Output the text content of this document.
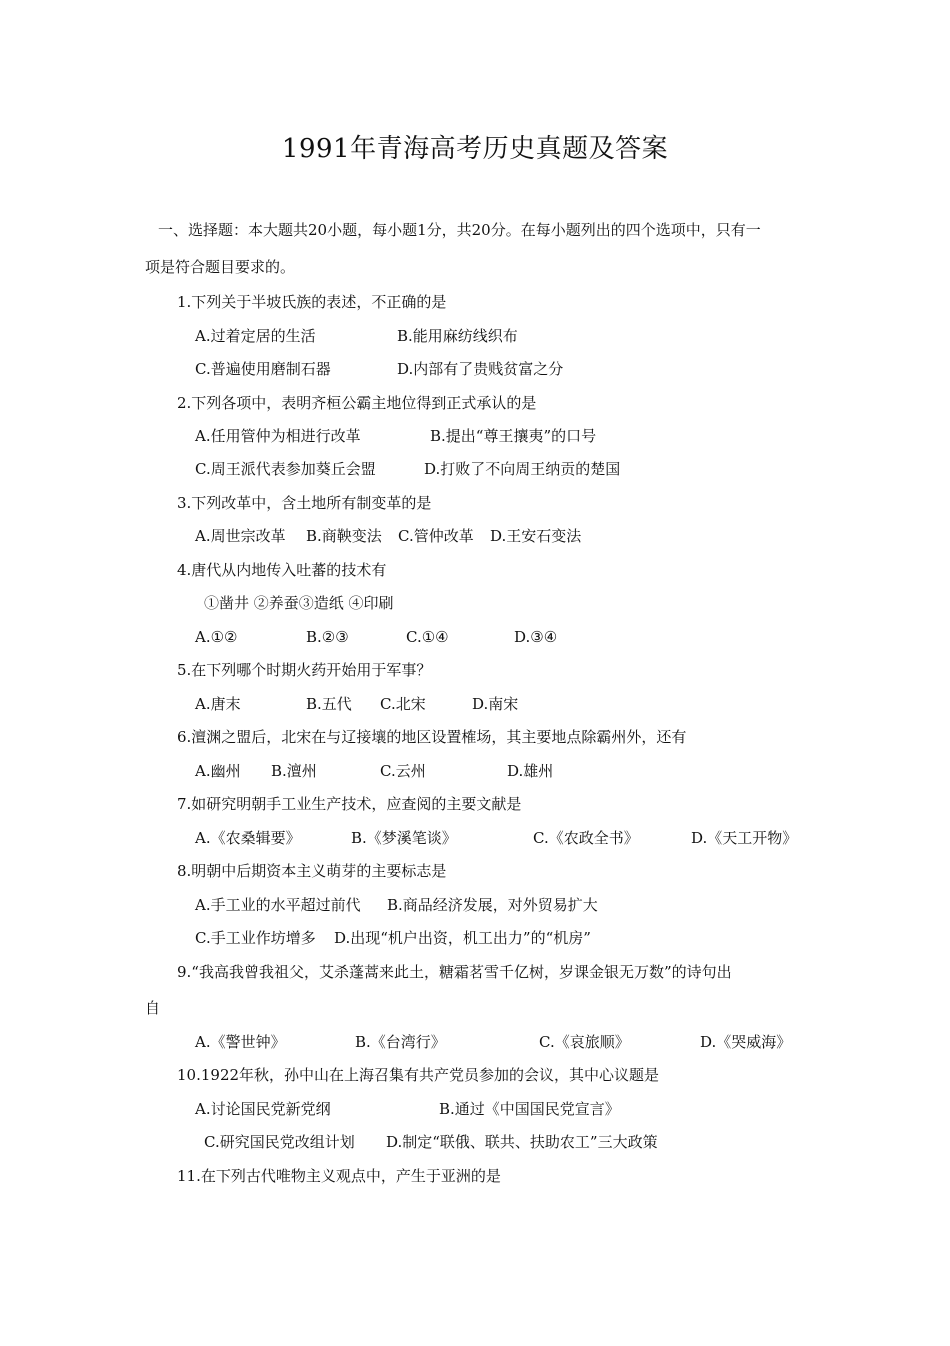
1991年青海高考历史真题及答案
一、选择题：本大题共20小题，每小题1分，共20分。在每小题列出的四个选项中，只有一
项是符合题目要求的。
1.下列关于半坡氏族的表述，不正确的是
A.过着定居的生活	B.能用麻纺线织布
C.普遍使用磨制石器	D.内部有了贵贱贫富之分
2.下列各项中，表明齐桓公霸主地位得到正式承认的是
A.任用管仲为相进行改革	B.提出“尊王攘夷”的口号
C.周王派代表参加葵丘会盟	D.打败了不向周王纳贡的楚国
3.下列改革中，含土地所有制变革的是
A.周世宗改革 B.商鞅变法 C.管仲改革 D.王安石变法
4.唐代从内地传入吐蕃的技术有
①凿井 ②养蚕③造纸 ④印刷
A.①②	B.②③	C.①④	D.③④
5.在下列哪个时期火药开始用于军事？
A.唐末	B.五代 C.北宋	D.南宋
6.澶渊之盟后，北宋在与辽接壤的地区设置榷场，其主要地点除霸州外，还有
A.幽州 B.澶州	C.云州	D.雄州
7.如研究明朝手工业生产技术，应查阅的主要文献是
A.《农桑辑要》	B.《梦溪笔谈》	C.《农政全书》	D.《天工开物》
8.明朝中后期资本主义萌芽的主要标志是
A.手工业的水平超过前代 B.商品经济发展，对外贸易扩大
C.手工业作坊增多 D.出现“机户出资，机工出力”的“机房”
9.“我高我曾我祖父，艾杀蓬蒿来此土，糖霜茗雪千亿树，岁课金银无万数”的诗句出
自
A.《警世钟》	B.《台湾行》	C.《哀旅顺》	D.《哭威海》
10.1922年秋，孙中山在上海召集有共产党员参加的会议，其中心议题是
A.讨论国民党新党纲	B.通过《中国国民党宣言》
C.研究国民党改组计划 D.制定“联俄、联共、扶助农工”三大政策
11.在下列古代唯物主义观点中，产生于亚洲的是
